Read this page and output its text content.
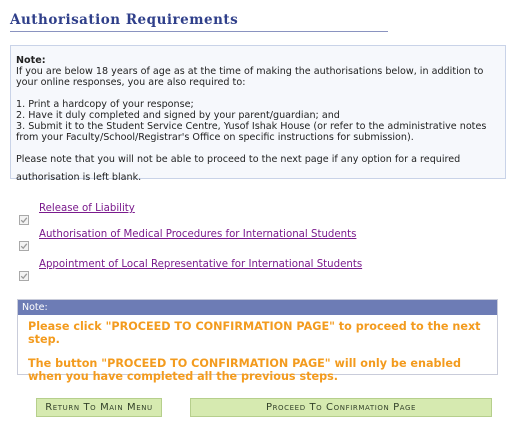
Authorisation Requirements

Note:

If you are below 18 years of age as at the time of making the authorisations below, in addition to your online responses, you are also required to:

1. Print a hardcopy of your response;

2. Have it duly completed and signed by your parent/guardian; and

3. Submit it to the Student Service Centre, Yusof Ishak House (or refer to the administrative notes from your Faculty/School/Registrar's Office on specific instructions for submission).

Please note that you will not be able to proceed to the next page if any option for a required authorisation is left blank.

Release of Liability
Authorisation of Medical Procedures for International Students
Appointment of Local Representative for International Students
Note:

Please click "PROCEED TO CONFIRMATION PAGE" to proceed to the next step.

The button "PROCEED TO CONFIRMATION PAGE" will only be enabled when you have completed all the previous steps.

Return To Main Menu	Proceed To Confirmation Page
